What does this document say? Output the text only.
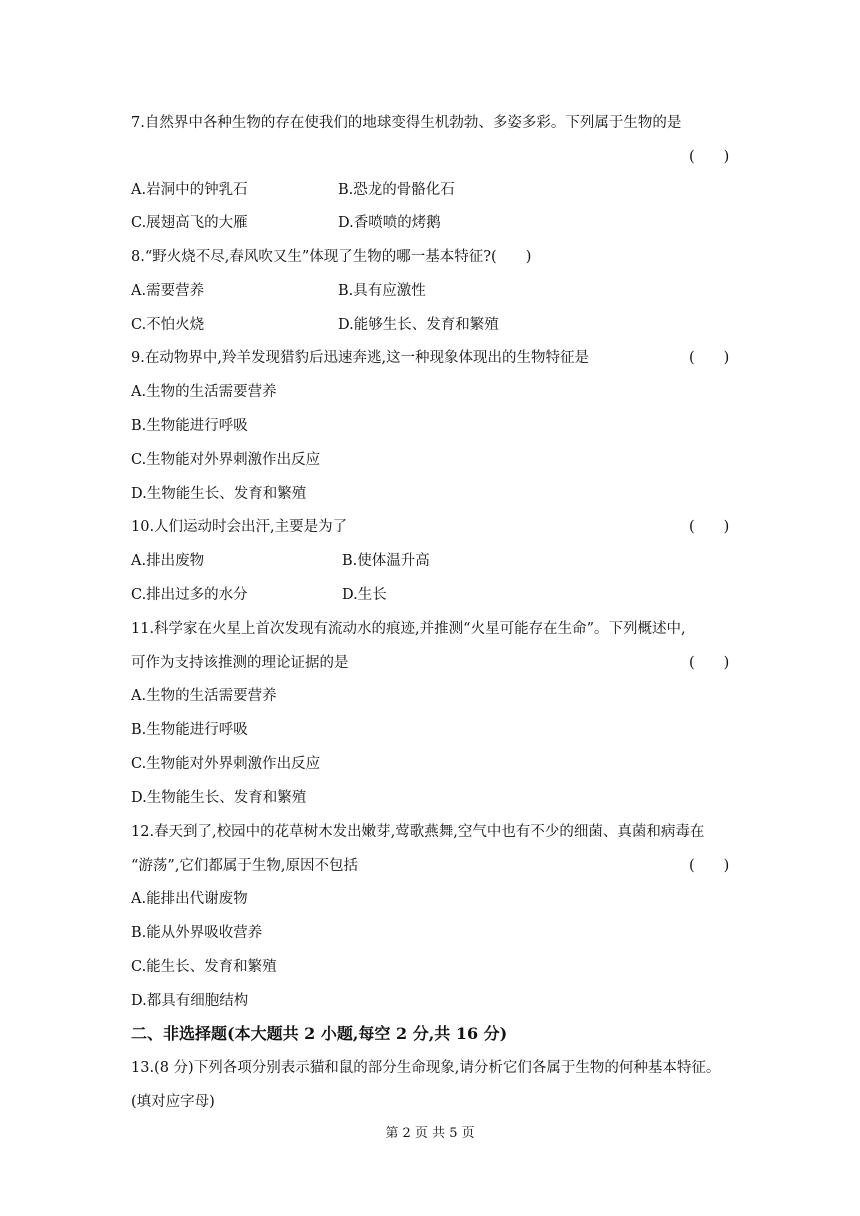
7.自然界中各种生物的存在使我们的地球变得生机勃勃、多姿多彩。下列属于生物的是
(　　)
A.岩洞中的钟乳石	B.恐龙的骨骼化石
C.展翅高飞的大雁	D.香喷喷的烤鹅
8.“野火烧不尽,春风吹又生”体现了生物的哪一基本特征?(　　)
A.需要营养	B.具有应激性
C.不怕火烧	D.能够生长、发育和繁殖
9.在动物界中,羚羊发现猎豹后迅速奔逃,这一种现象体现出的生物特征是	(　　)
A.生物的生活需要营养
B.生物能进行呼吸
C.生物能对外界刺激作出反应
D.生物能生长、发育和繁殖
10.人们运动时会出汗,主要是为了	(　　)
A.排出废物	B.使体温升高
C.排出过多的水分	D.生长
11.科学家在火星上首次发现有流动水的痕迹,并推测“火星可能存在生命”。下列概述中,
可作为支持该推测的理论证据的是	(　　)
A.生物的生活需要营养
B.生物能进行呼吸
C.生物能对外界刺激作出反应
D.生物能生长、发育和繁殖
12.春天到了,校园中的花草树木发出嫩芽,莺歌燕舞,空气中也有不少的细菌、真菌和病毒在
“游荡”,它们都属于生物,原因不包括	(　　)
A.能排出代谢废物
B.能从外界吸收营养
C.能生长、发育和繁殖
D.都具有细胞结构
二、非选择题(本大题共 2 小题,每空 2 分,共 16 分)
13.(8 分)下列各项分别表示猫和鼠的部分生命现象,请分析它们各属于生物的何种基本特征。
(填对应字母)
第 2 页 共 5 页
